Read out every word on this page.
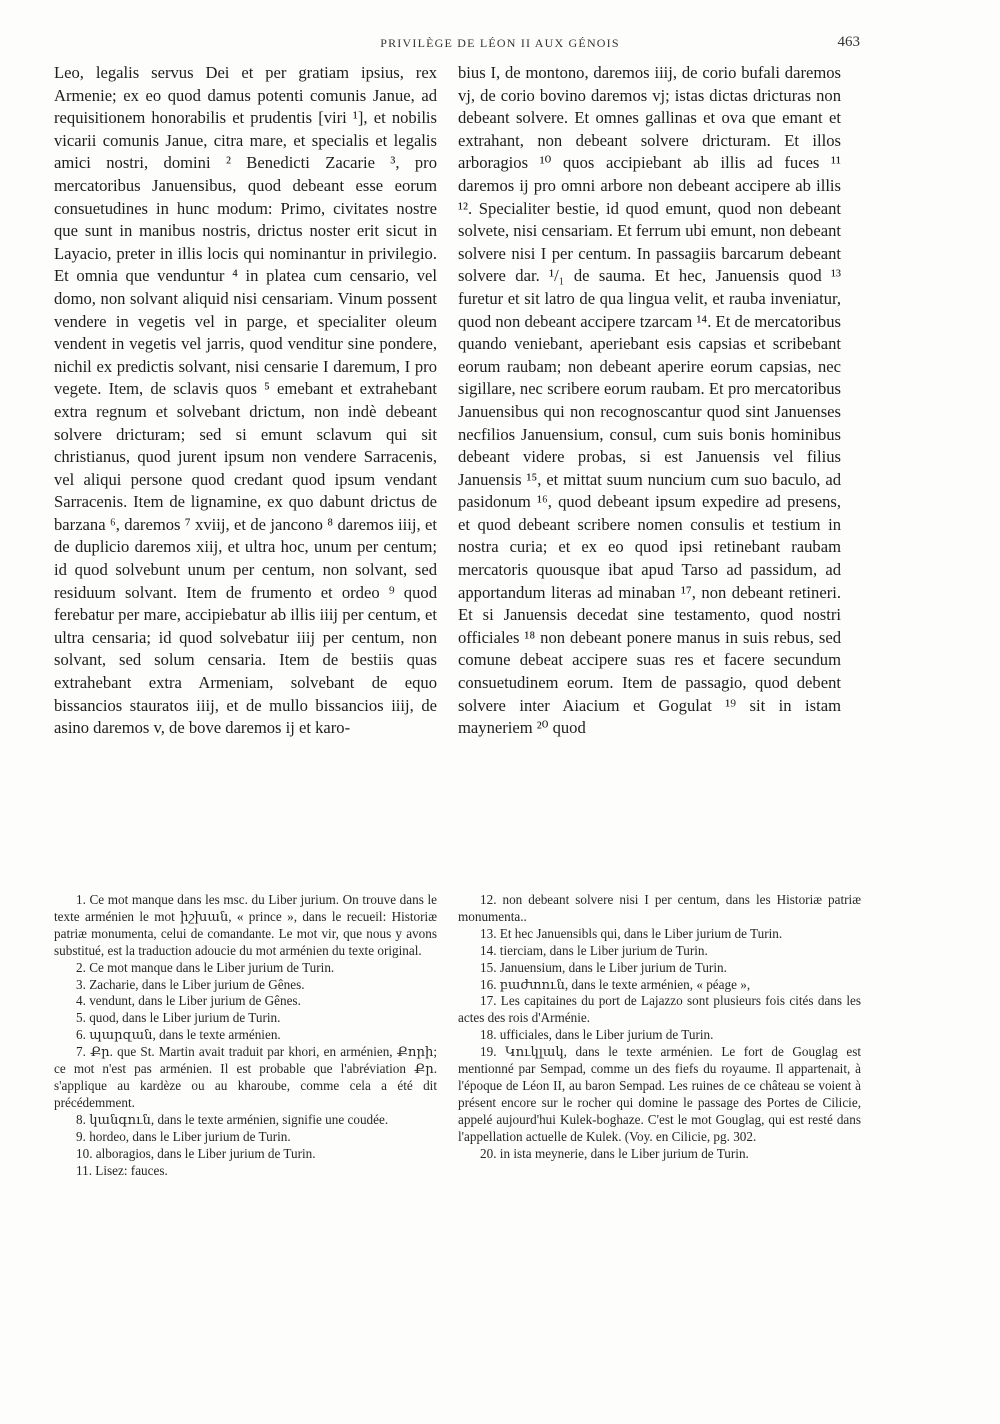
PRIVILÈGE DE LÉON II AUX GÉNOIS	463

Leo, legalis servus Dei et per gratiam ipsius, rex Armenie; ex eo quod damus potenti comunis Janue, ad requisitionem honorabilis et prudentis [viri ¹], et nobilis vicarii comunis Janue, citra mare, et specialis et legalis amici nostri, domini ² Benedicti Zacarie ³, pro mercatoribus Januensibus, quod debeant esse eorum consuetudines in hunc modum: Primo, civitates nostre que sunt in manibus nostris, drictus noster erit sicut in Layacio, preter in illis locis qui nominantur in privilegio. Et omnia que venduntur ⁴ in platea cum censario, vel domo, non solvant aliquid nisi censariam. Vinum possent vendere in vegetis vel in parge, et specialiter oleum vendent in vegetis vel jarris, quod venditur sine pondere, nichil ex predictis solvant, nisi censarie I daremum, I pro vegete. Item, de sclavis quos ⁵ emebant et extrahebant extra regnum et solvebant drictum, non indè debeant solvere dricturam; sed si emunt sclavum qui sit christianus, quod jurent ipsum non vendere Sarracenis, vel aliqui persone quod credant quod ipsum vendant Sarracenis. Item de lignamine, ex quo dabunt drictus de barzana ⁶, daremos ⁷ xviij, et de jancono ⁸ daremos iiij, et de duplicio daremos xiij, et ultra hoc, unum per centum; id quod solvebunt unum per centum, non solvant, sed residuum solvant. Item de frumento et ordeo ⁹ quod ferebatur per mare, accipiebatur ab illis iiij per centum, et ultra censaria; id quod solvebatur iiij per centum, non solvant, sed solum censaria. Item de bestiis quas extrahebant extra Armeniam, solvebant de equo bissancios stauratos iiij, et de mullo bissancios iiij, de asino daremos v, de bove daremos ij et karo-

bius I, de montono, daremos iiij, de corio bufali daremos vj, de corio bovino daremos vj; istas dictas dricturas non debeant solvere. Et omnes gallinas et ova que emant et extrahant, non debeant solvere dricturam. Et illos arboragios ¹⁰ quos accipiebant ab illis ad fuces ¹¹ daremos ij pro omni arbore non debeant accipere ab illis ¹². Specialiter bestie, id quod emunt, quod non debeant solvete, nisi censariam. Et ferrum ubi emunt, non debeant solvere nisi I per centum. In passagiis barcarum debeant solvere dar. ¹/₁ de sauma. Et hec, Januensis quod ¹³ furetur et sit latro de qua lingua velit, et rauba inveniatur, quod non debeant accipere tzarcam ¹⁴. Et de mercatoribus quando veniebant, aperiebant esis capsias et scribebant eorum raubam; non debeant aperire eorum capsias, nec sigillare, nec scribere eorum raubam. Et pro mercatoribus Januensibus qui non recognoscantur quod sint Januenses necfilios Januensium, consul, cum suis bonis hominibus debeant videre probas, si est Januensis vel filius Januensis ¹⁵, et mittat suum nuncium cum suo baculo, ad pasidonum ¹⁶, quod debeant ipsum expedire ad presens, et quod debeant scribere nomen consulis et testium in nostra curia; et ex eo quod ipsi retinebant raubam mercatoris quousque ibat apud Tarso ad passidum, ad apportandum literas ad minaban ¹⁷, non debeant retineri. Et si Januensis decedat sine testamento, quod nostri officiales ¹⁸ non debeant ponere manus in suis rebus, sed comune debeat accipere suas res et facere secundum consuetudinem eorum. Item de passagio, quod debent solvere inter Aiacium et Gogulat ¹⁹ sit in istam mayneriem ²⁰ quod

1. Ce mot manque dans les msc. du Liber jurium. On trouve dans le texte arménien le mot իշխան, « prince », dans le recueil: Historiæ patriæ monumenta, celui de comandante. Le mot vir, que nous y avons substitué, est la traduction adoucie du mot arménien du texte original.

2. Ce mot manque dans le Liber jurium de Turin.

3. Zacharie, dans le Liber jurium de Gênes.

4. vendunt, dans le Liber jurium de Gênes.

5. quod, dans le Liber jurium de Turin.

6. պարզան, dans le texte arménien.

7. Քր. que St. Martin avait traduit par khori, en arménien, Քորի; ce mot n'est pas arménien. Il est probable que l'abréviation Քր. s'applique au kardèze ou au kharoube, comme cela a été dit précédemment.

8. կանգուն, dans le texte arménien, signifie une coudée.

9. hordeo, dans le Liber jurium de Turin.

10. alboragios, dans le Liber jurium de Turin.

11. Lisez: fauces.

12. non debeant solvere nisi I per centum, dans les Historiæ patriæ monumenta..

13. Et hec Januensibls qui, dans le Liber jurium de Turin.

14. tierciam, dans le Liber jurium de Turin.

15. Januensium, dans le Liber jurium de Turin.

16. բաժտուն, dans le texte arménien, « péage »,

17. Les capitaines du port de Lajazzo sont plusieurs fois cités dans les actes des rois d'Arménie.

18. ufficiales, dans le Liber jurium de Turin.

19. Կուկլակ, dans le texte arménien. Le fort de Gouglag est mentionné par Sempad, comme un des fiefs du royaume. Il appartenait, à l'époque de Léon II, au baron Sempad. Les ruines de ce château se voient à présent encore sur le rocher qui domine le passage des Portes de Cilicie, appelé aujourd'hui Kulek-boghaze. C'est le mot Gouglag, qui est resté dans l'appellation actuelle de Kulek. (Voy. en Cilicie, pg. 302.

20. in ista meynerie, dans le Liber jurium de Turin.
